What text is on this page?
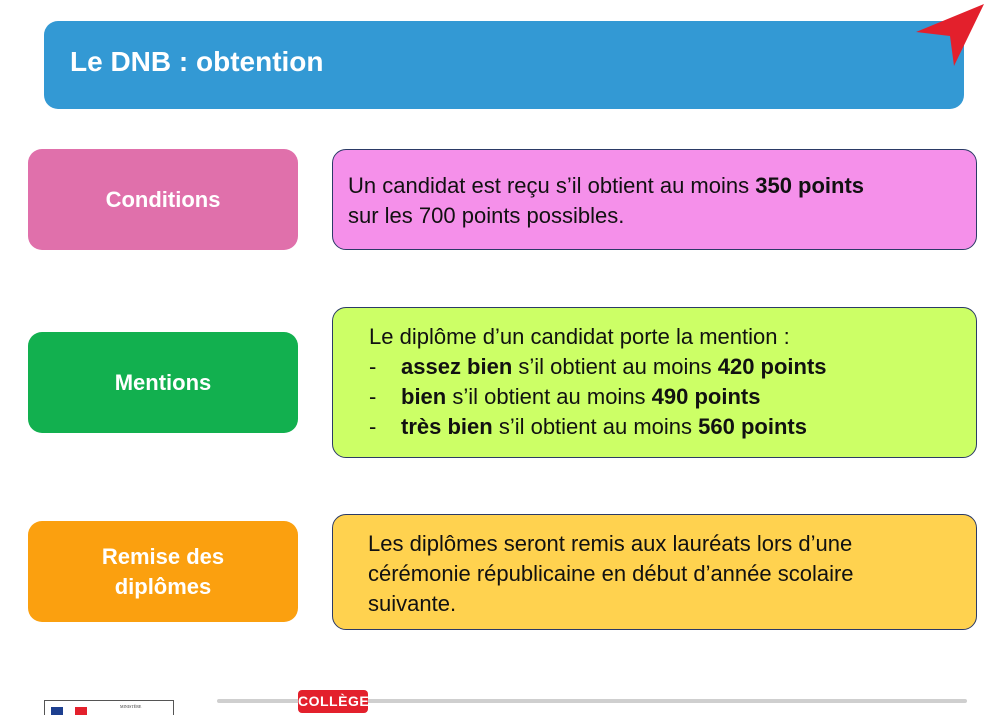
Le DNB : obtention
Conditions
Un candidat est reçu s’il obtient au moins 350 points
sur les 700 points possibles.
Mentions
Le diplôme d’un candidat porte la mention :
- assez bien s’il obtient au moins 420 points
- bien s’il obtient au moins 490 points
- très bien s’il obtient au moins 560 points
Remise des
diplômes
Les diplômes seront remis aux lauréats lors d’une
cérémonie républicaine en début d’année scolaire
suivante.
COLLÈGE
MINISTÈRE
